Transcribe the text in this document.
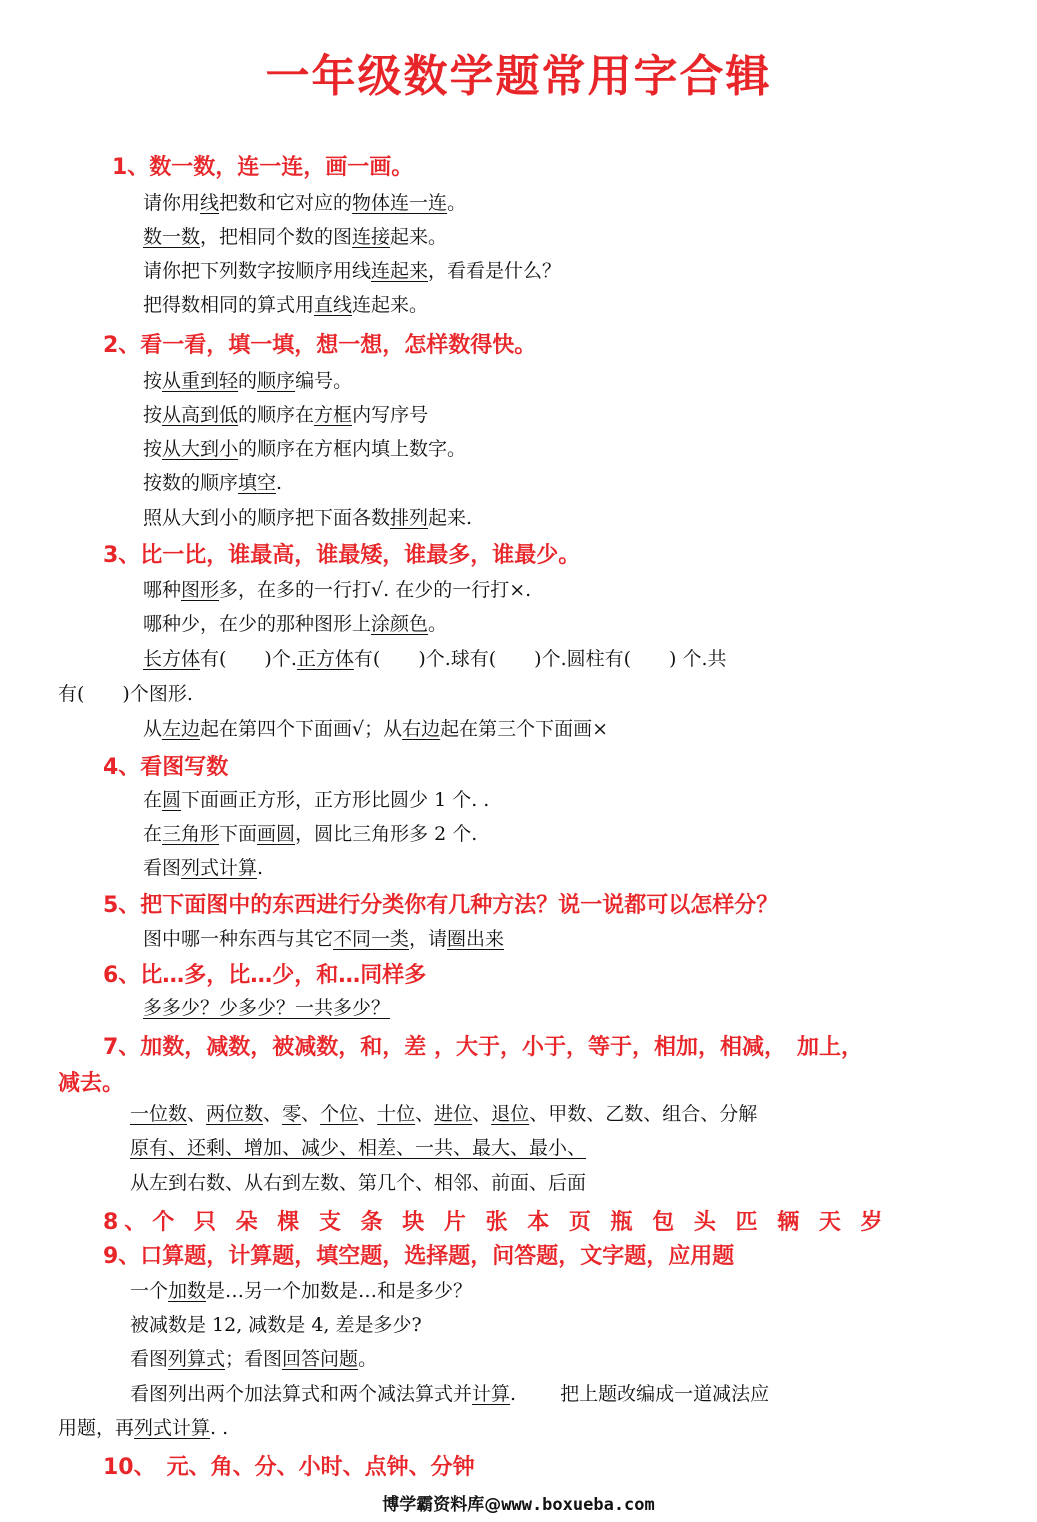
一年级数学题常用字合辑
1、数一数，连一连，画一画。
请你用线把数和它对应的物体连一连。
数一数，把相同个数的图连接起来。
请你把下列数字按顺序用线连起来，看看是什么？
把得数相同的算式用直线连起来。
2、看一看，填一填，想一想，怎样数得快。
按从重到轻的顺序编号。
按从高到低的顺序在方框内写序号
按从大到小的顺序在方框内填上数字。
按数的顺序填空.
照从大到小的顺序把下面各数排列起来.
3、比一比，谁最高，谁最矮，谁最多，谁最少。
哪种图形多，在多的一行打√. 在少的一行打×.
哪种少，在少的那种图形上涂颜色。
长方体有(　　)个.正方体有(　　)个.球有(　　)个.圆柱有(　　) 个.共
有(　　)个图形.
从左边起在第四个下面画√；从右边起在第三个下面画×
4、看图写数
在圆下面画正方形，正方形比圆少 1 个. .
在三角形下面画圆，圆比三角形多 2 个.
看图列式计算.
5、把下面图中的东西进行分类你有几种方法？说一说都可以怎样分？
图中哪一种东西与其它不同一类，请圈出来
6、比…多，比…少，和…同样多
多多少？少多少？一共多少？
7、加数，减数，被减数，和，差 ，大于，小于，等于，相加，相减，　加上，
减去。
一位数、两位数、零、个位、十位、进位、退位、甲数、乙数、组合、分解
原有、还剩、增加、减少、相差、一共、最大、最小、
从左到右数、从右到左数、第几个、相邻、前面、后面
8、个 只 朵 棵 支 条 块 片 张 本 页 瓶 包 头 匹 辆 天 岁
9、口算题，计算题，填空题，选择题，问答题，文字题，应用题
一个加数是…另一个加数是…和是多少？
被减数是 12, 减数是 4, 差是多少?
看图列算式；看图回答问题。
看图列出两个加法算式和两个减法算式并计算.　　 把上题改编成一道减法应
用题，再列式计算. .
10、　元、角、分、小时、点钟、分钟
博学霸资料库@www.boxueba.com
